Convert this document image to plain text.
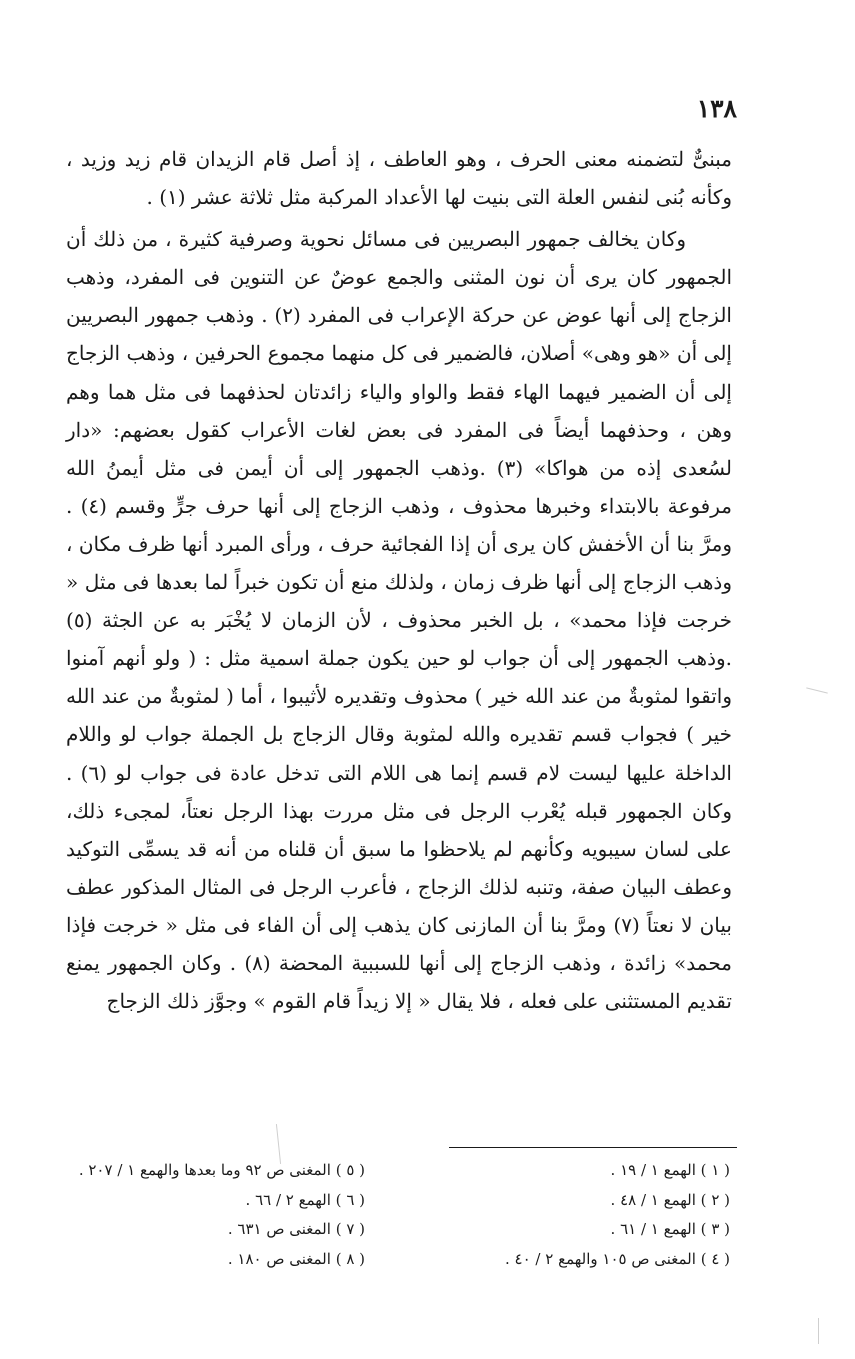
١٣٨

مبنىٌّ لتضمنه معنى الحرف ، وهو العاطف ، إذ أصل قام الزيدان قام زيد وزيد ، وكأنه بُنى لنفس العلة التى بنيت لها الأعداد المركبة مثل ثلاثة عشر (١) .

وكان يخالف جمهور البصريين فى مسائل نحوية وصرفية كثيرة ، من ذلك أن الجمهور كان يرى أن نون المثنى والجمع عوضٌ عن التنوين فى المفرد، وذهب الزجاج إلى أنها عوض عن حركة الإعراب فى المفرد (٢) . وذهب جمهور البصريين إلى أن «هو وهى» أصلان، فالضمير فى كل منهما مجموع الحرفين ، وذهب الزجاج إلى أن الضمير فيهما الهاء فقط والواو والياء زائدتان لحذفهما فى مثل هما وهم وهن ، وحذفهما أيضاً فى المفرد فى بعض لغات الأعراب كقول بعضهم: «دار لسُعدى إذه من هواكا» (٣) .وذهب الجمهور إلى أن أيمن فى مثل أيمنُ الله مرفوعة بالابتداء وخبرها محذوف ، وذهب الزجاج إلى أنها حرف جرٍّ وقسم (٤) . ومرَّ بنا أن الأخفش كان يرى أن إذا الفجائية حرف ، ورأى المبرد أنها ظرف مكان ، وذهب الزجاج إلى أنها ظرف زمان ، ولذلك منع أن تكون خبراً لما بعدها فى مثل « خرجت فإذا محمد» ، بل الخبر محذوف ، لأن الزمان لا يُخْبَر به عن الجثة (٥) .وذهب الجمهور إلى أن جواب لو حين يكون جملة اسمية مثل : ( ولو أنهم آمنوا واتقوا لمثوبةٌ من عند الله خير ) محذوف وتقديره لأثيبوا ، أما ( لمثوبةٌ من عند الله خير ) فجواب قسم تقديره والله لمثوبة وقال الزجاج بل الجملة جواب لو واللام الداخلة عليها ليست لام قسم إنما هى اللام التى تدخل عادة فى جواب لو (٦) . وكان الجمهور قبله يُعْرب الرجل فى مثل مررت بهذا الرجل نعتاً، لمجىء ذلك، على لسان سيبويه وكأنهم لم يلاحظوا ما سبق أن قلناه من أنه قد يسمِّى التوكيد وعطف البيان صفة، وتنبه لذلك الزجاج ، فأعرب الرجل فى المثال المذكور عطف بيان لا نعتاً (٧) ومرَّ بنا أن المازنى كان يذهب إلى أن الفاء فى مثل « خرجت فإذا محمد» زائدة ، وذهب الزجاج إلى أنها للسببية المحضة (٨) . وكان الجمهور يمنع تقديم المستثنى على فعله ، فلا يقال « إلا زيداً قام القوم » وجوَّز ذلك الزجاج

( ١ ) الهمع ١ / ١٩ .
( ٢ ) الهمع ١ / ٤٨ .
( ٣ ) الهمع ١ / ٦١ .
( ٤ ) المغنى ص ١٠٥ والهمع ٢ / ٤٠ .
( ٥ ) المغنى ص ٩٢ وما بعدها والهمع ١ / ٢٠٧ .
( ٦ ) الهمع ٢ / ٦٦ .
( ٧ ) المغنى ص ٦٣١ .
( ٨ ) المغنى ص ١٨٠ .
